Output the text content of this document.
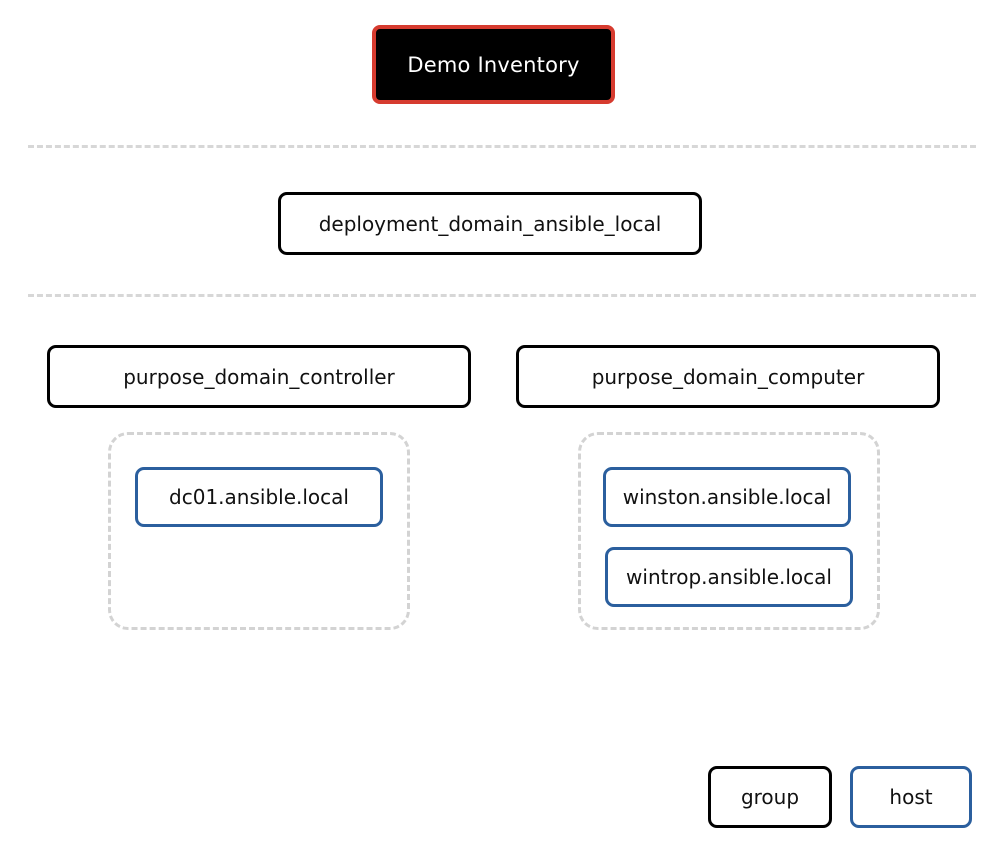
Demo Inventory
deployment_domain_ansible_local
purpose_domain_controller	purpose_domain_computer
dc01.ansible.local	winston.ansible.local
wintrop.ansible.local
group	host
